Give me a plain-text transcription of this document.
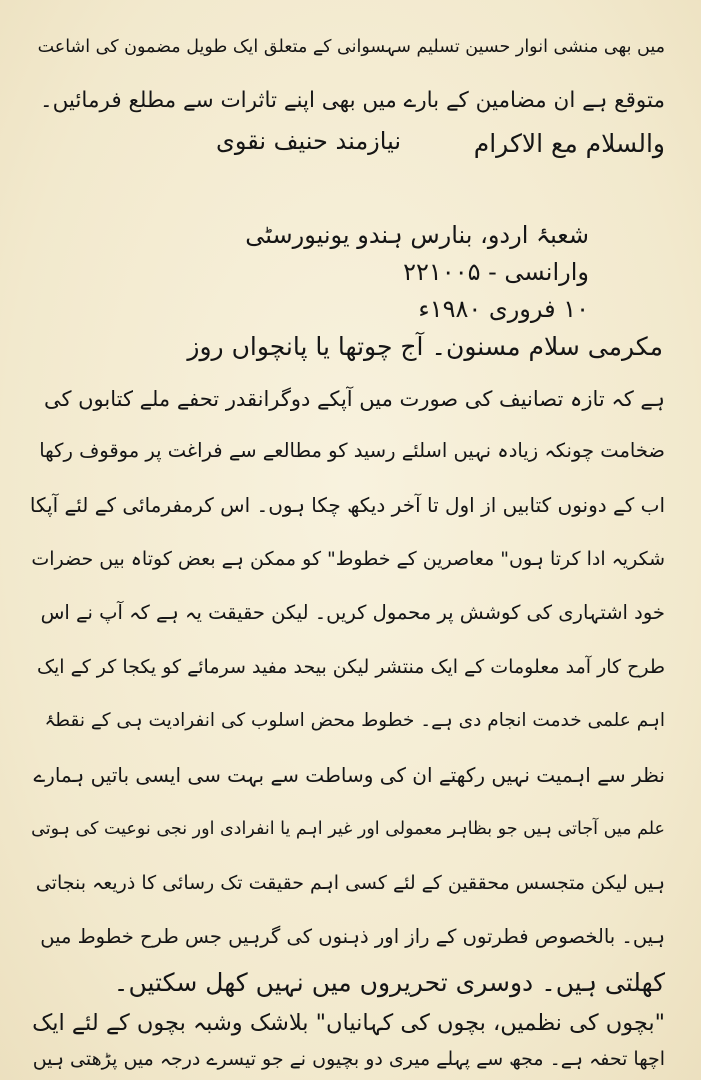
میں بھی منشی انوار حسین تسلیم سہسوانی کے متعلق ایک طویل مضمون کی اشاعت
متوقع ہے ان مضامین کے بارے میں بھی اپنے تاثرات سے مطلع فرمائیں۔
والسلام مع الاکرام
نیازمند حنیف نقوی
شعبۂ اردو، بنارس ہندو یونیورسٹی
وارانسی - ۲۲۱۰۰۵
۱۰ فروری ۱۹۸۰ء
مکرمی سلام مسنون۔ آج چوتھا یا پانچواں روز
ہے کہ تازہ تصانیف کی صورت میں آپکے دوگرانقدر تحفے ملے کتابوں کی
ضخامت چونکہ زیادہ نہیں اسلئے رسید کو مطالعے سے فراغت پر موقوف رکھا
اب کے دونوں کتابیں از اول تا آخر دیکھ چکا ہوں۔ اس کرمفرمائی کے لئے آپکا
شکریہ ادا کرتا ہوں" معاصرین کے خطوط" کو ممکن ہے بعض کوتاہ بیں حضرات
خود اشتہاری کی کوشش پر محمول کریں۔ لیکن حقیقت یہ ہے کہ آپ نے اس
طرح کار آمد معلومات کے ایک منتشر لیکن بیحد مفید سرمائے کو یکجا کر کے ایک
اہم علمی خدمت انجام دی ہے۔ خطوط محض اسلوب کی انفرادیت ہی کے نقطۂ
نظر سے اہمیت نہیں رکھتے ان کی وساطت سے بہت سی ایسی باتیں ہمارے
علم میں آجاتی ہیں جو بظاہر معمولی اور غیر اہم یا انفرادی اور نجی نوعیت کی ہوتی
ہیں لیکن متجسس محققین کے لئے کسی اہم حقیقت تک رسائی کا ذریعہ بنجاتی
ہیں۔ بالخصوص فطرتوں کے راز اور ذہنوں کی گرہیں جس طرح خطوط میں
کھلتی ہیں۔ دوسری تحریروں میں نہیں کھل سکتیں۔
"بچوں کی نظمیں، بچوں کی کہانیاں" بلاشک وشبہ بچوں کے لئے ایک
اچھا تحفہ ہے۔ مجھ سے پہلے میری دو بچیوں نے جو تیسرے درجہ میں پڑھتی ہیں
